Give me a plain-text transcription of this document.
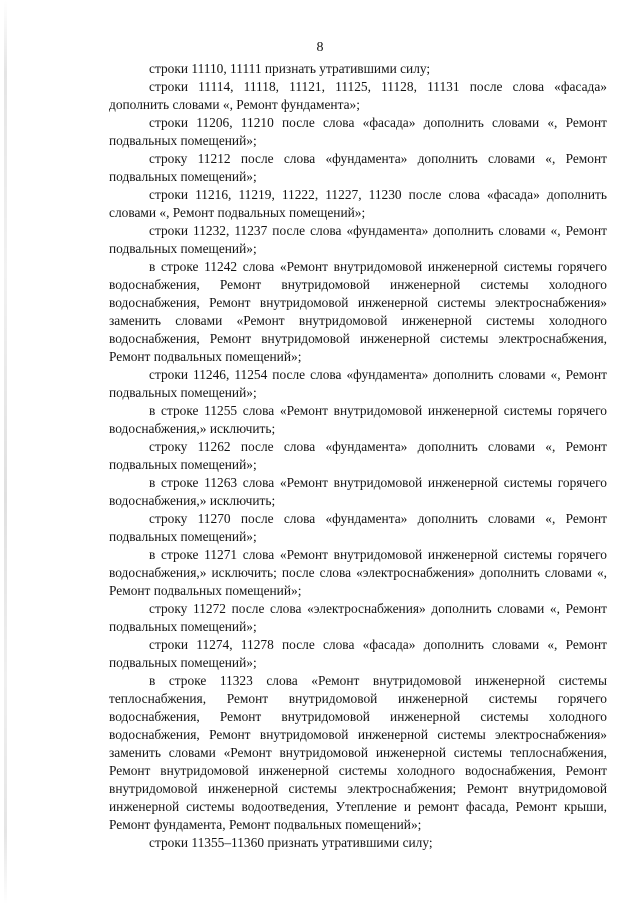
8

строки 11110, 11111 признать утратившими силу;

строки 11114, 11118, 11121, 11125, 11128, 11131 после слова «фасада» дополнить словами «, Ремонт фундамента»;

строки 11206, 11210 после слова «фасада» дополнить словами «, Ремонт подвальных помещений»;

строку 11212 после слова «фундамента» дополнить словами «, Ремонт подвальных помещений»;

строки 11216, 11219, 11222, 11227, 11230 после слова «фасада» дополнить словами «, Ремонт подвальных помещений»;

строки 11232, 11237 после слова «фундамента» дополнить словами «, Ремонт подвальных помещений»;

в строке 11242 слова «Ремонт внутридомовой инженерной системы горячего водоснабжения, Ремонт внутридомовой инженерной системы холодного водоснабжения, Ремонт внутридомовой инженерной системы электроснабжения» заменить словами «Ремонт внутридомовой инженерной системы холодного водоснабжения, Ремонт внутридомовой инженерной системы электроснабжения, Ремонт подвальных помещений»;

строки 11246, 11254 после слова «фундамента» дополнить словами «, Ремонт подвальных помещений»;

в строке 11255 слова «Ремонт внутридомовой инженерной системы горячего водоснабжения,» исключить;

строку 11262 после слова «фундамента» дополнить словами «, Ремонт подвальных помещений»;

в строке 11263 слова «Ремонт внутридомовой инженерной системы горячего водоснабжения,» исключить;

строку 11270 после слова «фундамента» дополнить словами «, Ремонт подвальных помещений»;

в строке 11271 слова «Ремонт внутридомовой инженерной системы горячего водоснабжения,» исключить; после слова «электроснабжения» дополнить словами «, Ремонт подвальных помещений»;

строку 11272 после слова «электроснабжения» дополнить словами «, Ремонт подвальных помещений»;

строки 11274, 11278 после слова «фасада» дополнить словами «, Ремонт подвальных помещений»;

в строке 11323 слова «Ремонт внутридомовой инженерной системы теплоснабжения, Ремонт внутридомовой инженерной системы горячего водоснабжения, Ремонт внутридомовой инженерной системы холодного водоснабжения, Ремонт внутридомовой инженерной системы электроснабжения» заменить словами «Ремонт внутридомовой инженерной системы теплоснабжения, Ремонт внутридомовой инженерной системы холодного водоснабжения, Ремонт внутридомовой инженерной системы электроснабжения; Ремонт внутридомовой инженерной системы водоотведения, Утепление и ремонт фасада, Ремонт крыши, Ремонт фундамента, Ремонт подвальных помещений»;

строки 11355–11360 признать утратившими силу;
